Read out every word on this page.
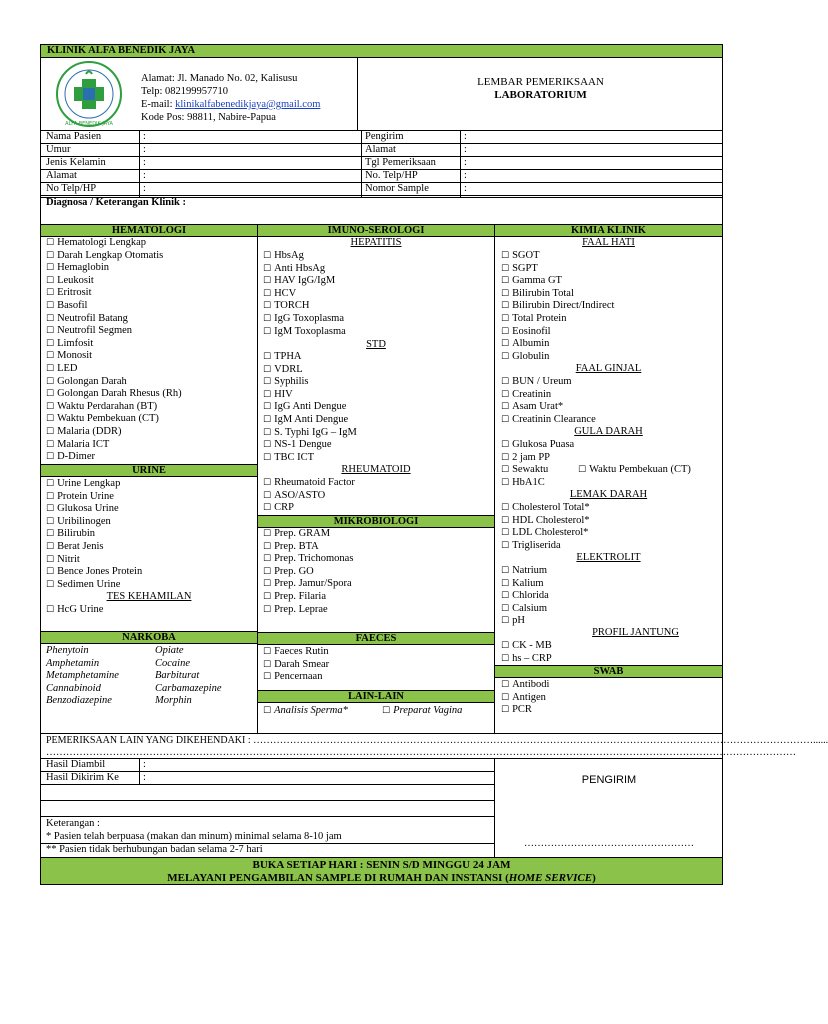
KLINIK ALFA BENEDIK JAYA
ALFA BENEDIK JAYA
Alamat: Jl. Manado No. 02, Kalisusu
Telp: 082199957710
E-mail: klinikalfabenedikjaya@gmail.com
Kode Pos: 98811, Nabire-Papua
LEMBAR PEMERIKSAAN
LABORATORIUM
Nama Pasien	:
Umur	:
Jenis Kelamin	:
Alamat	:
No Telp/HP	:
Pengirim	:
Alamat	:
Tgl Pemeriksaan	:
No. Telp/HP	:
Nomor Sample	:
Diagnosa / Keterangan Klinik :
HEMATOLOGI
☐ Hematologi Lengkap
☐ Darah Lengkap Otomatis
☐ Hemaglobin
☐ Leukosit
☐ Eritrosit
☐ Basofil
☐ Neutrofil Batang
☐ Neutrofil Segmen
☐ Limfosit
☐ Monosit
☐ LED
☐ Golongan Darah
☐ Golongan Darah Rhesus (Rh)
☐ Waktu Perdarahan (BT)
☐ Waktu Pembekuan (CT)
☐ Malaria (DDR)
☐ Malaria ICT
☐ D-Dimer
URINE
☐ Urine Lengkap
☐ Protein Urine
☐ Glukosa Urine
☐ Uribilinogen
☐ Bilirubin
☐ Berat Jenis
☐ Nitrit
☐ Bence Jones Protein
☐ Sedimen Urine
TES KEHAMILAN
☐ HcG Urine
NARKOBA
Phenytoin
Amphetamin
Metamphetamine
Cannabinoid
Benzodiazepine
Opiate
Cocaine
Barbiturat
Carbamazepine
Morphin
IMUNO-SEROLOGI
HEPATITIS
☐ HbsAg
☐ Anti HbsAg
☐ HAV IgG/IgM
☐ HCV
☐ TORCH
☐ IgG Toxoplasma
☐ IgM Toxoplasma
STD
☐ TPHA
☐ VDRL
☐ Syphilis
☐ HIV
☐ IgG Anti Dengue
☐ IgM Anti Dengue
☐ S. Typhi IgG – IgM
☐ NS-1 Dengue
☐ TBC ICT
RHEUMATOID
☐ Rheumatoid Factor
☐ ASO/ASTO
☐ CRP
MIKROBIOLOGI
☐ Prep. GRAM
☐ Prep. BTA
☐ Prep. Trichomonas
☐ Prep. GO
☐ Prep. Jamur/Spora
☐ Prep. Filaria
☐ Prep. Leprae
FAECES
☐ Faeces Rutin
☐ Darah Smear
☐ Pencernaan
LAIN-LAIN
☐ Analisis Sperma*
☐	Preparat Vagina
KIMIA KLINIK
FAAL HATI
☐ SGOT
☐ SGPT
☐ Gamma GT
☐ Bilirubin Total
☐ Bilirubin Direct/Indirect
☐ Total Protein
☐ Eosinofil
☐ Albumin
☐ Globulin
FAAL GINJAL
☐ BUN / Ureum
☐ Creatinin
☐ Asam Urat*
☐ Creatinin Clearance
GULA DARAH
☐ Glukosa Puasa
☐ 2 jam PP
☐ Sewaktu
☐ HbA1C
☐ Waktu Pembekuan (CT)
LEMAK DARAH
☐ Cholesterol Total*
☐ HDL Cholesterol*
☐ LDL Cholesterol*
☐ Trigliserida
ELEKTROLIT
☐ Natrium
☐ Kalium
☐ Chlorida
☐ Calsium
☐ pH
PROFIL JANTUNG
☐ CK - MB
☐ hs – CRP
SWAB
☐ Antibodi
☐ Antigen
☐ PCR
PEMERIKSAAN LAIN YANG DIKEHENDAKI : ……………………………………………………………………………………………………………………………………………………......
………………………………………………………………………………………………………………………………………………………………………………………………………
Hasil Diambil	:
Hasil Dikirim Ke :	PENGIRIM
……………………………………………
Keterangan :
* Pasien telah berpuasa (makan dan minum) minimal selama 8-10 jam
** Pasien tidak berhubungan badan selama 2-7 hari
BUKA SETIAP HARI : SENIN S/D MINGGU 24 JAM
MELAYANI PENGAMBILAN SAMPLE DI RUMAH DAN INSTANSI (HOME SERVICE)
